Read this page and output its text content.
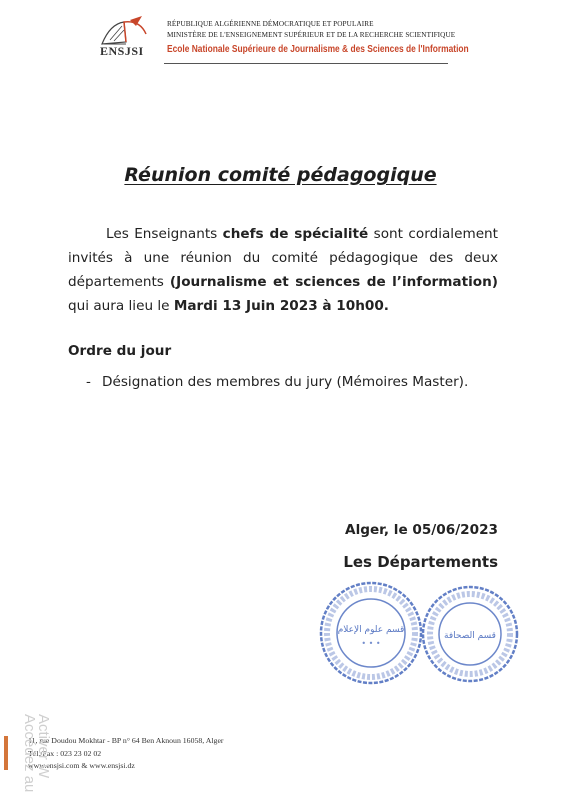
ENSJSI
RÉPUBLIQUE ALGÉRIENNE DÉMOCRATIQUE ET POPULAIRE
MINISTÈRE DE L'ENSEIGNEMENT SUPÉRIEUR ET DE LA RECHERCHE SCIENTIFIQUE
Ecole Nationale Supérieure de Journalisme & des Sciences de l'Information
Réunion comité pédagogique
Les Enseignants chefs de spécialité sont cordialement invités à une réunion du comité pédagogique des deux départements (Journalisme et sciences de l’information) qui aura lieu le Mardi 13 Juin 2023 à 10h00.
Ordre du jour
- Désignation des membres du jury (Mémoires Master).
Alger, le 05/06/2023
Les Départements
قسم علوم الإعلام
• • •
قسم الصحافة
11, rue Doudou Mokhtar - BP n° 64 Ben Aknoun 16058, Alger
Tél./Fax : 023 23 02 02
www.ensjsi.com & www.ensjsi.dz
Activer W
Accédez au
